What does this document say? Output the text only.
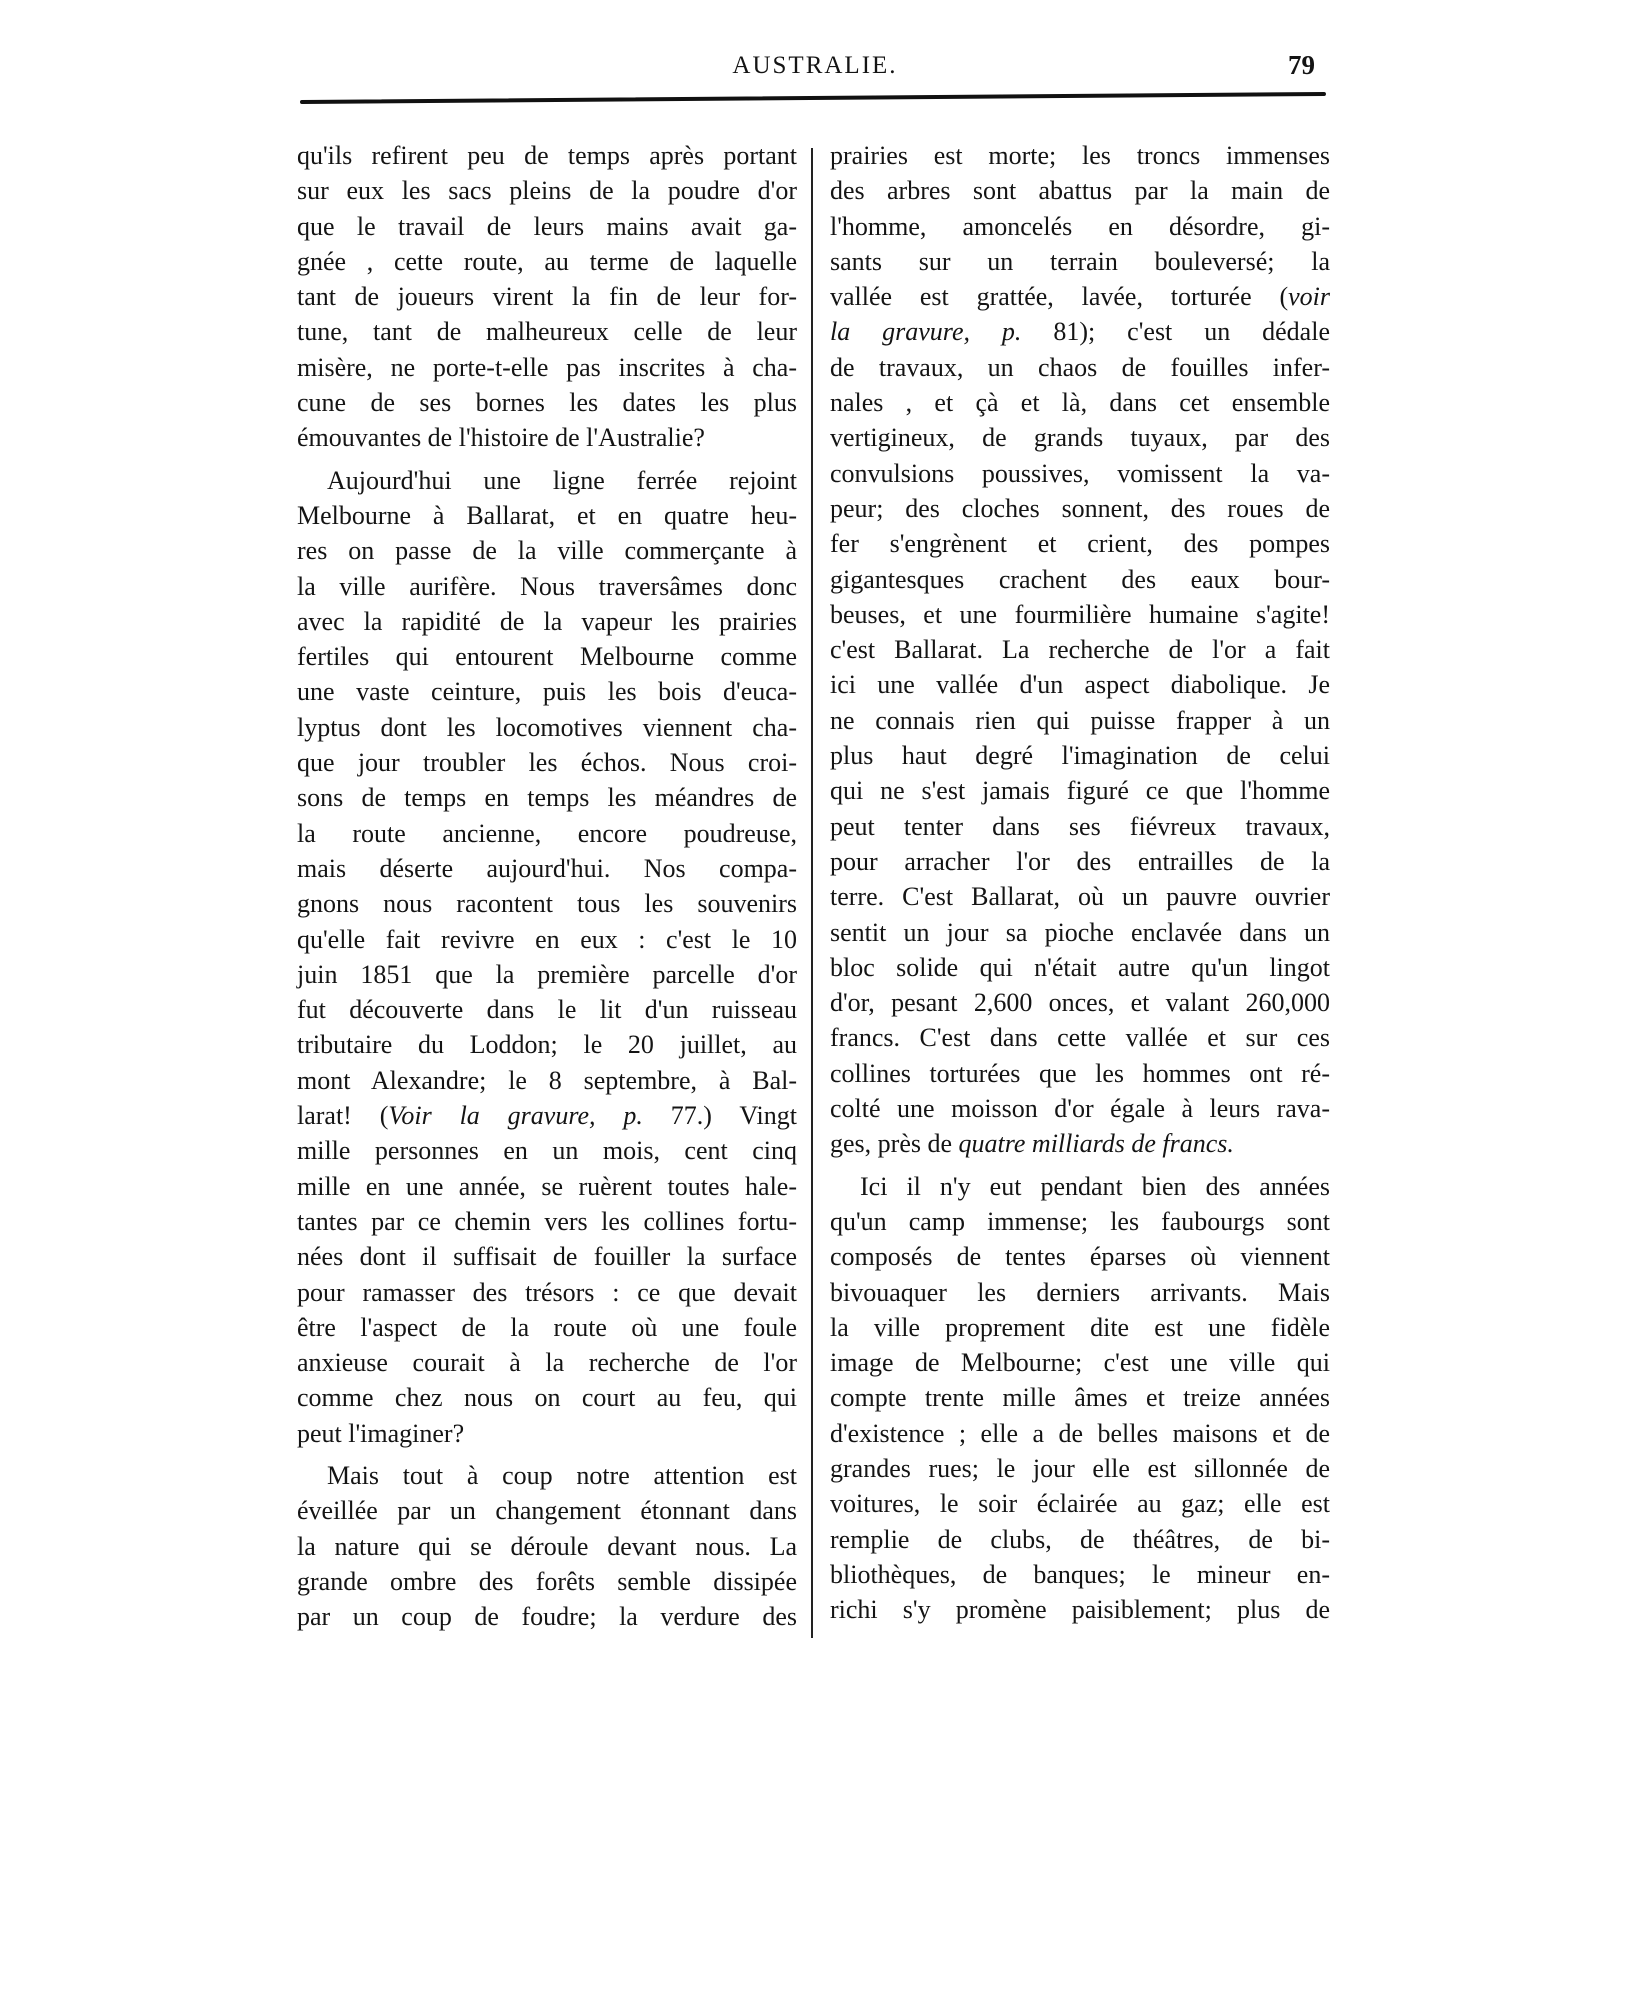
AUSTRALIE.	79
qu'ils refirent peu de temps après portant
sur eux les sacs pleins de la poudre d'or
que le travail de leurs mains avait ga-
gnée , cette route, au terme de laquelle
tant de joueurs virent la fin de leur for-
tune, tant de malheureux celle de leur
misère, ne porte-t-elle pas inscrites à cha-
cune de ses bornes les dates les plus
émouvantes de l'histoire de l'Australie?
Aujourd'hui une ligne ferrée rejoint
Melbourne à Ballarat, et en quatre heu-
res on passe de la ville commerçante à
la ville aurifère. Nous traversâmes donc
avec la rapidité de la vapeur les prairies
fertiles qui entourent Melbourne comme
une vaste ceinture, puis les bois d'euca-
lyptus dont les locomotives viennent cha-
que jour troubler les échos. Nous croi-
sons de temps en temps les méandres de
la route ancienne, encore poudreuse,
mais déserte aujourd'hui. Nos compa-
gnons nous racontent tous les souvenirs
qu'elle fait revivre en eux : c'est le 10
juin 1851 que la première parcelle d'or
fut découverte dans le lit d'un ruisseau
tributaire du Loddon; le 20 juillet, au
mont Alexandre; le 8 septembre, à Bal-
larat! (Voir la gravure, p. 77.) Vingt
mille personnes en un mois, cent cinq
mille en une année, se ruèrent toutes hale-
tantes par ce chemin vers les collines fortu-
nées dont il suffisait de fouiller la surface
pour ramasser des trésors : ce que devait
être l'aspect de la route où une foule
anxieuse courait à la recherche de l'or
comme chez nous on court au feu, qui
peut l'imaginer?
Mais tout à coup notre attention est
éveillée par un changement étonnant dans
la nature qui se déroule devant nous. La
grande ombre des forêts semble dissipée
par un coup de foudre; la verdure des
prairies est morte; les troncs immenses
des arbres sont abattus par la main de
l'homme, amoncelés en désordre, gi-
sants sur un terrain bouleversé; la
vallée est grattée, lavée, torturée (voir
la gravure, p. 81); c'est un dédale
de travaux, un chaos de fouilles infer-
nales , et çà et là, dans cet ensemble
vertigineux, de grands tuyaux, par des
convulsions poussives, vomissent la va-
peur; des cloches sonnent, des roues de
fer s'engrènent et crient, des pompes
gigantesques crachent des eaux bour-
beuses, et une fourmilière humaine s'agite!
c'est Ballarat. La recherche de l'or a fait
ici une vallée d'un aspect diabolique. Je
ne connais rien qui puisse frapper à un
plus haut degré l'imagination de celui
qui ne s'est jamais figuré ce que l'homme
peut tenter dans ses fiévreux travaux,
pour arracher l'or des entrailles de la
terre. C'est Ballarat, où un pauvre ouvrier
sentit un jour sa pioche enclavée dans un
bloc solide qui n'était autre qu'un lingot
d'or, pesant 2,600 onces, et valant 260,000
francs. C'est dans cette vallée et sur ces
collines torturées que les hommes ont ré-
colté une moisson d'or égale à leurs rava-
ges, près de quatre milliards de francs.
Ici il n'y eut pendant bien des années
qu'un camp immense; les faubourgs sont
composés de tentes éparses où viennent
bivouaquer les derniers arrivants. Mais
la ville proprement dite est une fidèle
image de Melbourne; c'est une ville qui
compte trente mille âmes et treize années
d'existence ; elle a de belles maisons et de
grandes rues; le jour elle est sillonnée de
voitures, le soir éclairée au gaz; elle est
remplie de clubs, de théâtres, de bi-
bliothèques, de banques; le mineur en-
richi s'y promène paisiblement; plus de
